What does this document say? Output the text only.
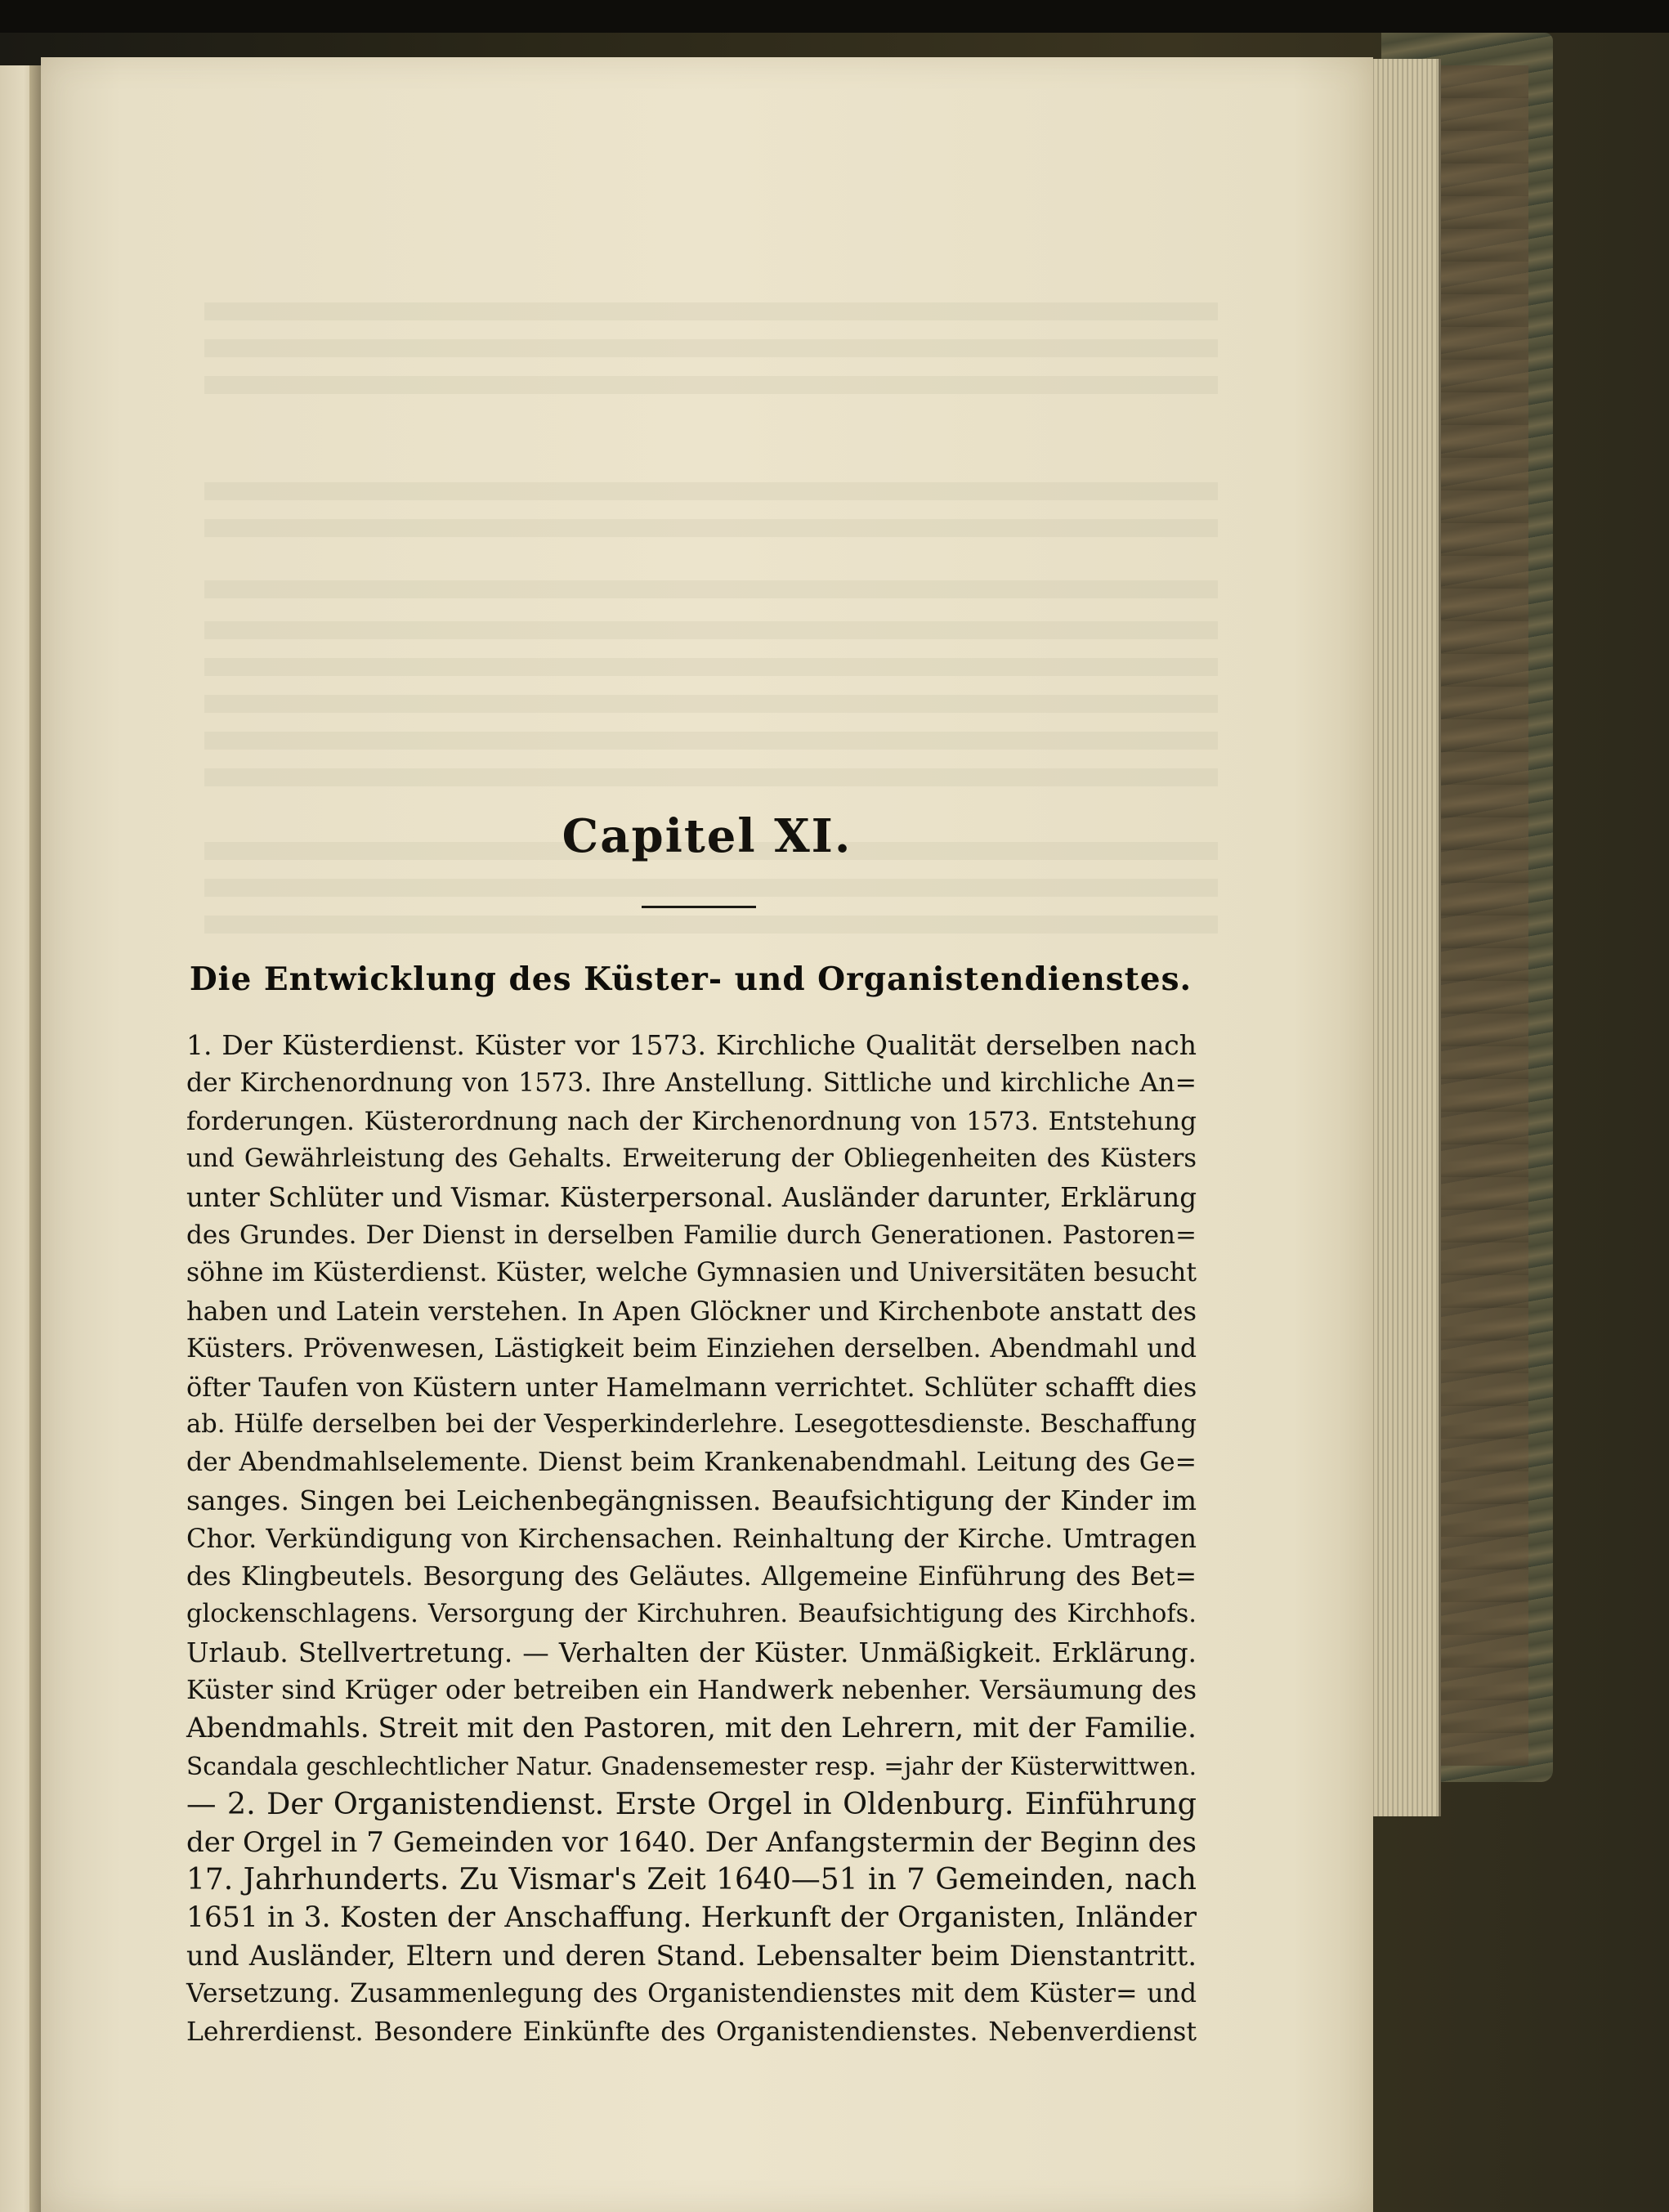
Capitel XI.
Die Entwicklung des Küster- und Organistendienstes.
1. Der Küsterdienst. Küster vor 1573. Kirchliche Qualität derselben nach
der Kirchenordnung von 1573. Ihre Anstellung. Sittliche und kirchliche An=
forderungen. Küsterordnung nach der Kirchenordnung von 1573. Entstehung
und Gewährleistung des Gehalts. Erweiterung der Obliegenheiten des Küsters
unter Schlüter und Vismar. Küsterpersonal. Ausländer darunter, Erklärung
des Grundes. Der Dienst in derselben Familie durch Generationen. Pastoren=
söhne im Küsterdienst. Küster, welche Gymnasien und Universitäten besucht
haben und Latein verstehen. In Apen Glöckner und Kirchenbote anstatt des
Küsters. Prövenwesen, Lästigkeit beim Einziehen derselben. Abendmahl und
öfter Taufen von Küstern unter Hamelmann verrichtet. Schlüter schafft dies
ab. Hülfe derselben bei der Vesperkinderlehre. Lesegottesdienste. Beschaffung
der Abendmahlselemente. Dienst beim Krankenabendmahl. Leitung des Ge=
sanges. Singen bei Leichenbegängnissen. Beaufsichtigung der Kinder im
Chor. Verkündigung von Kirchensachen. Reinhaltung der Kirche. Umtragen
des Klingbeutels. Besorgung des Geläutes. Allgemeine Einführung des Bet=
glockenschlagens. Versorgung der Kirchuhren. Beaufsichtigung des Kirchhofs.
Urlaub. Stellvertretung. — Verhalten der Küster. Unmäßigkeit. Erklärung.
Küster sind Krüger oder betreiben ein Handwerk nebenher. Versäumung des
Abendmahls. Streit mit den Pastoren, mit den Lehrern, mit der Familie.
Scandala geschlechtlicher Natur. Gnadensemester resp. =jahr der Küsterwittwen.
— 2. Der Organistendienst. Erste Orgel in Oldenburg. Einführung
der Orgel in 7 Gemeinden vor 1640. Der Anfangstermin der Beginn des
17. Jahrhunderts. Zu Vismar's Zeit 1640—51 in 7 Gemeinden, nach
1651 in 3. Kosten der Anschaffung. Herkunft der Organisten, Inländer
und Ausländer, Eltern und deren Stand. Lebensalter beim Dienstantritt.
Versetzung. Zusammenlegung des Organistendienstes mit dem Küster= und
Lehrerdienst. Besondere Einkünfte des Organistendienstes. Nebenverdienst
